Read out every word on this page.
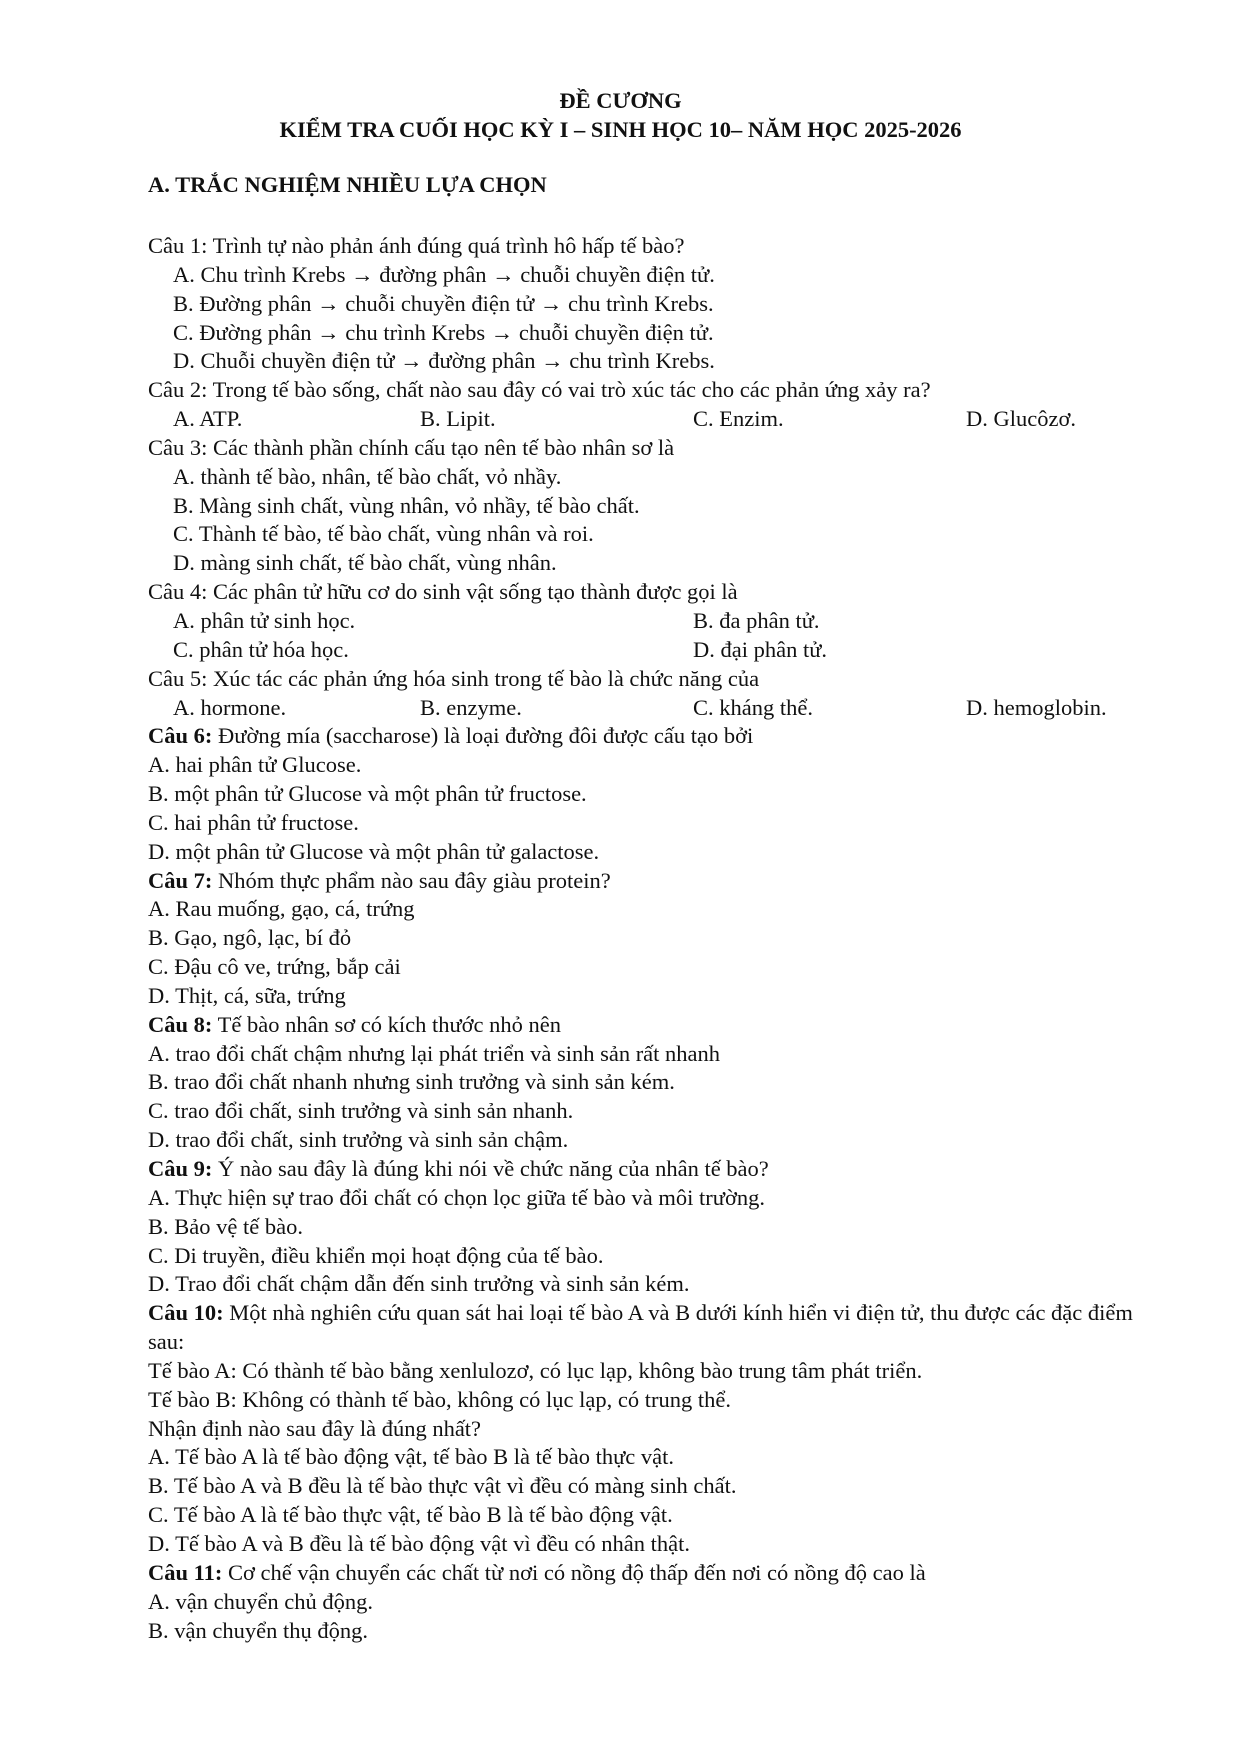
ĐỀ CƯƠNG
KIỂM TRA CUỐI HỌC KỲ I – SINH HỌC 10– NĂM HỌC 2025-2026
A. TRẮC NGHIỆM NHIỀU LỰA CHỌN
Câu 1: Trình tự nào phản ánh đúng quá trình hô hấp tế bào?
A. Chu trình Krebs → đường phân → chuỗi chuyền điện tử.
B. Đường phân → chuỗi chuyền điện tử → chu trình Krebs.
C. Đường phân → chu trình Krebs → chuỗi chuyền điện tử.
D. Chuỗi chuyền điện tử → đường phân → chu trình Krebs.
Câu 2: Trong tế bào sống, chất nào sau đây có vai trò xúc tác cho các phản ứng xảy ra?
A. ATP.	B. Lipit.	C. Enzim.	D. Glucôzơ.
Câu 3: Các thành phần chính cấu tạo nên tế bào nhân sơ là
A. thành tế bào, nhân, tế bào chất, vỏ nhầy.
B. Màng sinh chất, vùng nhân, vỏ nhầy, tế bào chất.
C. Thành tế bào, tế bào chất, vùng nhân và roi.
D. màng sinh chất, tế bào chất, vùng nhân.
Câu 4: Các phân tử hữu cơ do sinh vật sống tạo thành được gọi là
A. phân tử sinh học.	B. đa phân tử.
C. phân tử hóa học.	D. đại phân tử.
Câu 5: Xúc tác các phản ứng hóa sinh trong tế bào là chức năng của
A. hormone.	B. enzyme.	C. kháng thể.	D. hemoglobin.
Câu 6: Đường mía (saccharose) là loại đường đôi được cấu tạo bởi
A. hai phân tử Glucose.
B. một phân tử Glucose và một phân tử fructose.
C. hai phân tử fructose.
D. một phân tử Glucose và một phân tử galactose.
Câu 7: Nhóm thực phẩm nào sau đây giàu protein?
A. Rau muống, gạo, cá, trứng
B. Gạo, ngô, lạc, bí đỏ
C. Đậu cô ve, trứng, bắp cải
D. Thịt, cá, sữa, trứng
Câu 8: Tế bào nhân sơ có kích thước nhỏ nên
A. trao đổi chất chậm nhưng lại phát triển và sinh sản rất nhanh
B. trao đổi chất nhanh nhưng sinh trưởng và sinh sản kém.
C. trao đổi chất, sinh trưởng và sinh sản nhanh.
D. trao đổi chất, sinh trưởng và sinh sản chậm.
Câu 9: Ý nào sau đây là đúng khi nói về chức năng của nhân tế bào?
A. Thực hiện sự trao đổi chất có chọn lọc giữa tế bào và môi trường.
B. Bảo vệ tế bào.
C. Di truyền, điều khiển mọi hoạt động của tế bào.
D. Trao đổi chất chậm dẫn đến sinh trưởng và sinh sản kém.
Câu 10: Một nhà nghiên cứu quan sát hai loại tế bào A và B dưới kính hiển vi điện tử, thu được các đặc điểm sau:
Tế bào A: Có thành tế bào bằng xenlulozơ, có lục lạp, không bào trung tâm phát triển.
Tế bào B: Không có thành tế bào, không có lục lạp, có trung thể.
Nhận định nào sau đây là đúng nhất?
A. Tế bào A là tế bào động vật, tế bào B là tế bào thực vật.
B. Tế bào A và B đều là tế bào thực vật vì đều có màng sinh chất.
C. Tế bào A là tế bào thực vật, tế bào B là tế bào động vật.
D. Tế bào A và B đều là tế bào động vật vì đều có nhân thật.
Câu 11: Cơ chế vận chuyển các chất từ nơi có nồng độ thấp đến nơi có nồng độ cao là
A. vận chuyển chủ động.
B. vận chuyển thụ động.
